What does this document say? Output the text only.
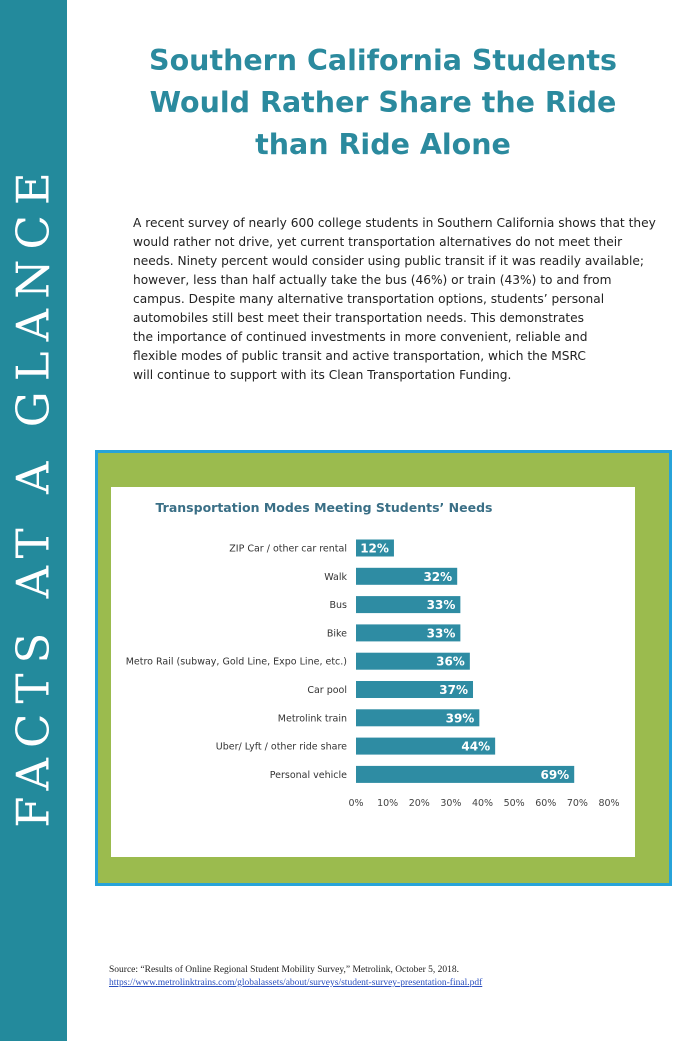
FACTS AT A GLANCE
Southern California Students
Would Rather Share the Ride
than Ride Alone
A recent survey of nearly 600 college students in Southern California shows that they
would rather not drive, yet current transportation alternatives do not meet their
needs. Ninety percent would consider using public transit if it was readily available;
however, less than half actually take the bus (46%) or train (43%) to and from
campus. Despite many alternative transportation options, students’ personal
automobiles still best meet their transportation needs. This demonstrates
the importance of continued investments in more convenient, reliable and
flexible modes of public transit and active transportation, which the MSRC
will continue to support with its Clean Transportation Funding.
Transportation Modes Meeting Students’ Needs
ZIP Car / other car rental 12%
Walk	32%
Bus	33%
Bike	33%
Metro Rail (subway, Gold Line, Expo Line, etc.)	36%
Car pool	37%
Metrolink train	39%
Uber/ Lyft / other ride share	44%
Personal vehicle	69%
0% 10% 20% 30% 40% 50% 60% 70% 80%
Source: “Results of Online Regional Student Mobility Survey,” Metrolink, October 5, 2018.
https://www.metrolinktrains.com/globalassets/about/surveys/student-survey-presentation-final.pdf
